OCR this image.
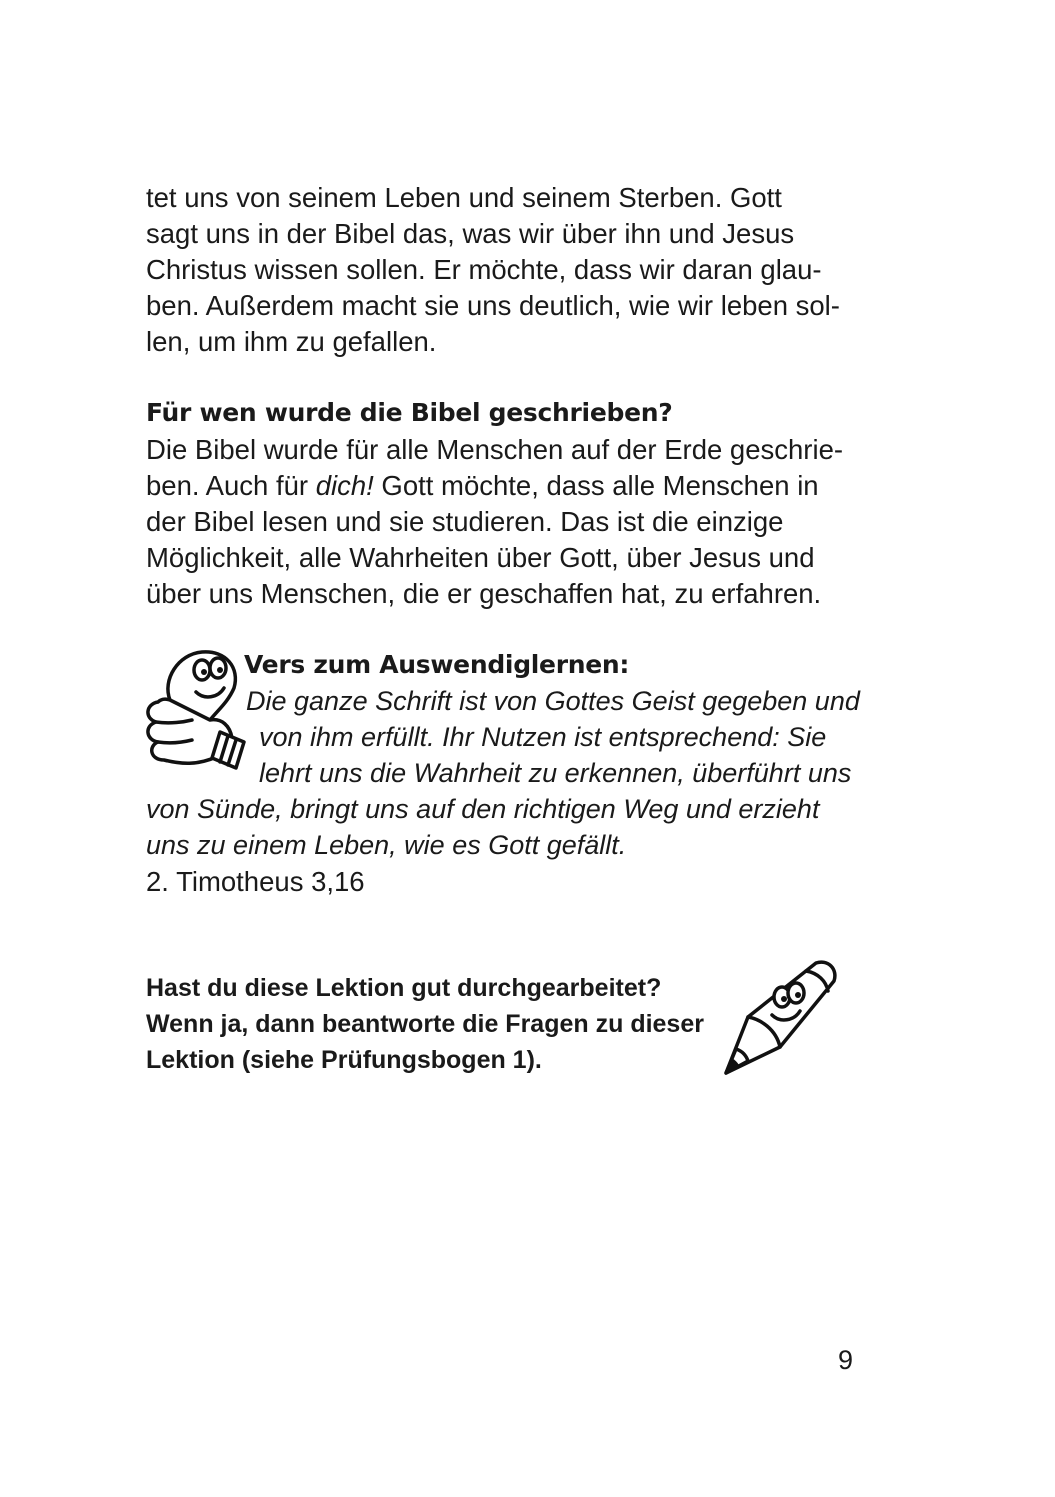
tet uns von seinem Leben und seinem Sterben. Gott
sagt uns in der Bibel das, was wir über ihn und Jesus
Christus wissen sollen. Er möchte, dass wir daran glau-
ben. Außerdem macht sie uns deutlich, wie wir leben sol-
len, um ihm zu gefallen.
Für wen wurde die Bibel geschrieben?
Die Bibel wurde für alle Menschen auf der Erde geschrie-
ben. Auch für dich! Gott möchte, dass alle Menschen in
der Bibel lesen und sie studieren. Das ist die einzige
Möglichkeit, alle Wahrheiten über Gott, über Jesus und
über uns Menschen, die er geschaffen hat, zu erfahren.
Vers zum Auswendiglernen:
Die ganze Schrift ist von Gottes Geist gegeben und
von ihm erfüllt. Ihr Nutzen ist entsprechend: Sie
lehrt uns die Wahrheit zu erkennen, überführt uns
von Sünde, bringt uns auf den richtigen Weg und erzieht
uns zu einem Leben, wie es Gott gefällt.
2. Timotheus 3,16
Hast du diese Lektion gut durchgearbeitet?
Wenn ja, dann beantworte die Fragen zu dieser
Lektion (siehe Prüfungsbogen 1).
9
